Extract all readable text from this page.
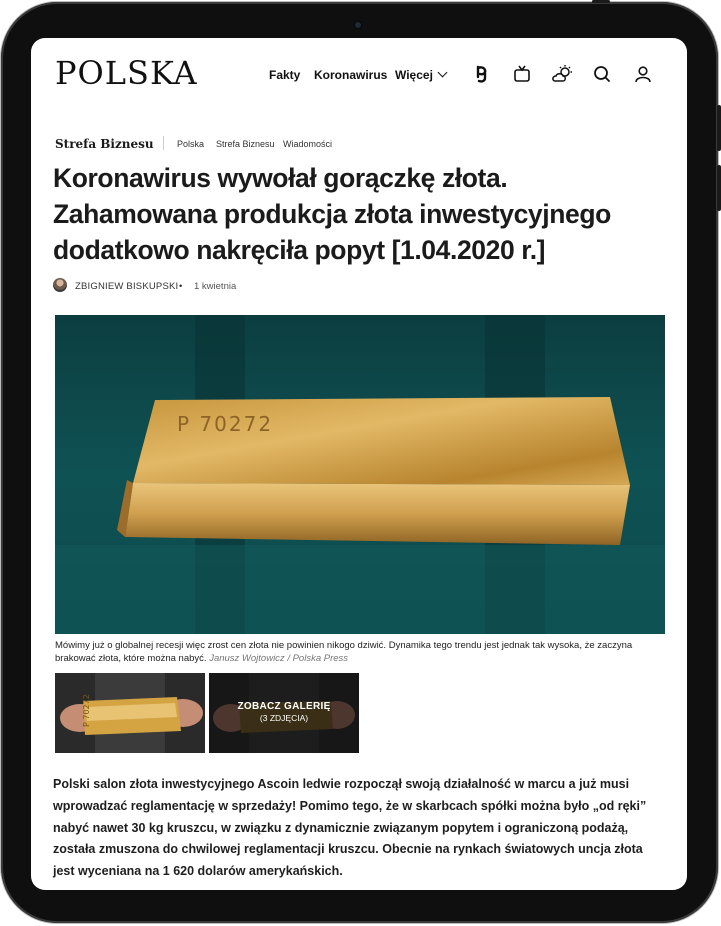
POLSKA	Fakty Koronawirus Więcej
Strefa Biznesu	Polska Strefa Biznesu Wiadomości
Koronawirus wywołał gorączkę złota. Zahamowana produkcja złota inwestycyjnego dodatkowo nakręciła popyt [1.04.2020 r.]
ZBIGNIEW BISKUPSKI • 1 kwietnia
P 70272
Mówimy już o globalnej recesji więc zrost cen złota nie powinien nikogo dziwić. Dynamika tego trendu jest jednak tak wysoka, że zaczyna brakować złota, które można nabyć. Janusz Wojtowicz / Polska Press
P 70272	ZOBACZ GALERIĘ
(3 ZDJĘCIA)

Polski salon złota inwestycyjnego Ascoin ledwie rozpoczął swoją działalność w marcu a już musi wprowadzać reglamentację w sprzedaży! Pomimo tego, że w skarbcach spółki można było „od ręki” nabyć nawet 30 kg kruszcu, w związku z dynamicznie związanym popytem i ograniczoną podażą, została zmuszona do chwilowej reglamentacji kruszcu. Obecnie na rynkach światowych uncja złota jest wyceniana na 1 620 dolarów amerykańskich.
